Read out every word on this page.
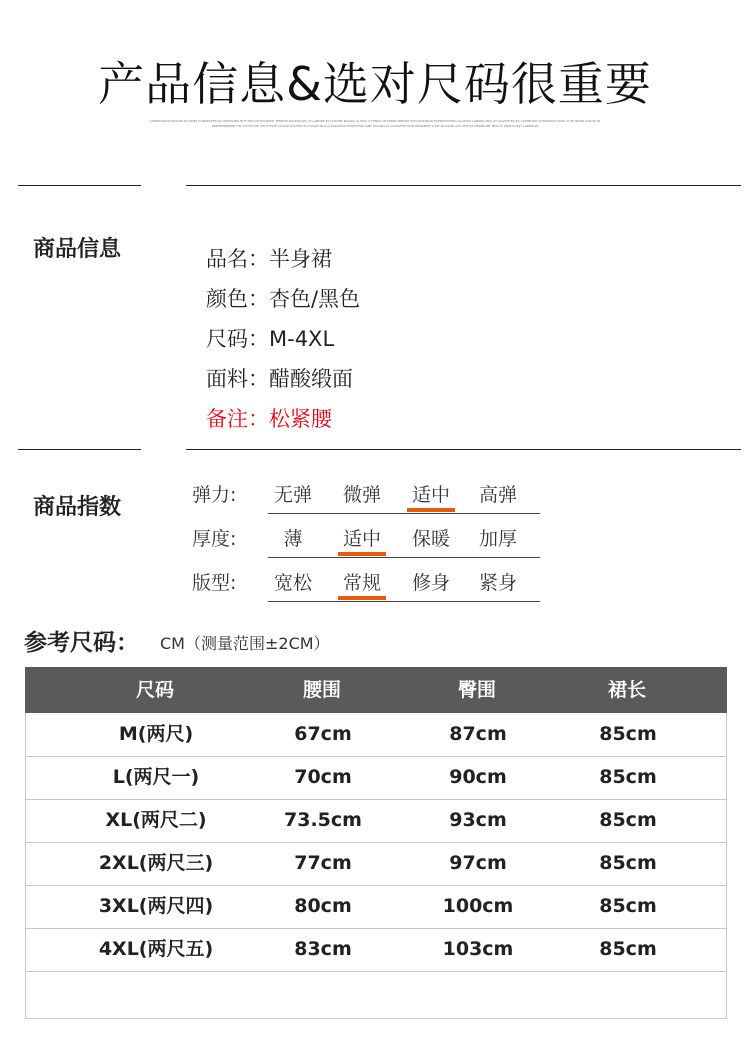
产品信息&选对尺码很重要
LOREM IPSUM DOLOR SIT AMET CONSECTETUR ADIPISCING ELIT SED DO EIUSMOD TEMPOR INCIDIDUNT UT LABORE ET DOLORE MAGNA ALIQUA UT ENIM AD MINIM VENIAM QUIS NOSTRUD EXERCITATION ULLAMCO LABORIS NISI UT ALIQUIP EX EA COMMODO CONSEQUAT DUIS AUTE IRURE DOLOR IN REPREHENDERIT IN VOLUPTATE VELIT ESSE CILLUM DOLORE EU FUGIAT NULLA PARIATUR EXCEPTEUR SINT OCCAECAT CUPIDATAT NON PROIDENT SUNT IN CULPA QUI OFFICIA DESERUNT MOLLIT ANIM ID EST LABORUM
商品信息	品名：半身裙
颜色：杏色/黑色
尺码：M-4XL
面料：醋酸缎面
备注：松紧腰
商品指数	弹力:	无弹	微弹	适中	高弹
厚度:	薄	适中	保暖	加厚
版型:	宽松	常规	修身	紧身
参考尺码： CM（测量范围±2CM）
尺码	腰围	臀围	裙长
M(两尺)	67cm	87cm	85cm
L(两尺一)	70cm	90cm	85cm
XL(两尺二)	73.5cm	93cm	85cm
2XL(两尺三)	77cm	97cm	85cm
3XL(两尺四)	80cm	100cm	85cm
4XL(两尺五)	83cm	103cm	85cm
